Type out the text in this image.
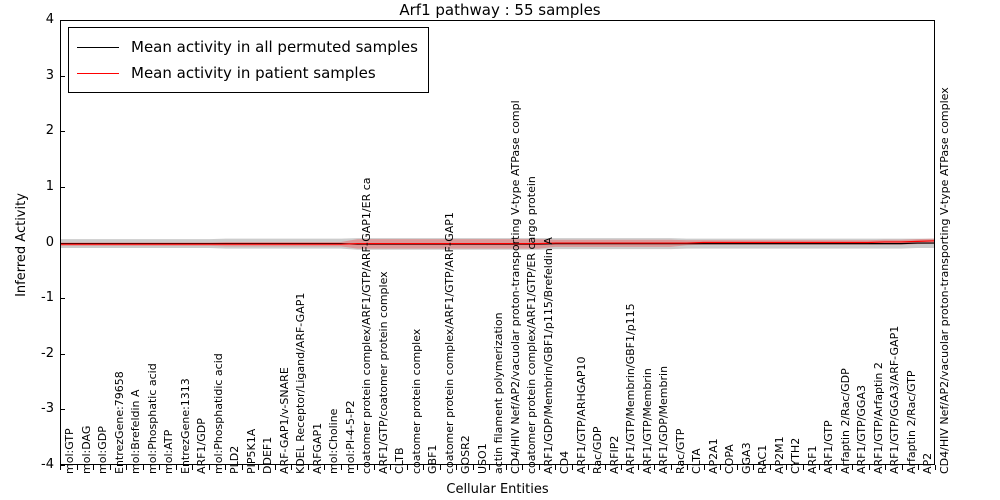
Arf1 pathway : 55 samples
Inferred Activity
-4
-3
-2
-1
0
1
2
3
4
mol:GTP mol:DAG mol:GDP EntrezGene:79658 mol:Brefeldin A mol:Phosphatic acid mol:ATP EntrezGene:1313 ARF1/GDP mol:Phosphatidic acid PLD2 PIP5K1A DDEF1 ARF-GAP1/v-SNARE KDEL Receptor/Ligand/ARF-GAP1 ARFGAP1 mol:Choline mol:PI-4-5-P2 coatomer protein complex/ARF1/GTP/ARF-GAP1/ER ca ARF1/GTP/coatomer protein complex CLTB coatomer protein complex GBF1 coatomer protein complex/ARF1/GTP/ARF-GAP1 GOSR2 USO1 actin filament polymerization CD4/HIV Nef/AP2/vacuolar proton-transporting V-type ATPase compl coatomer protein complex/ARF1/GTP/ER cargo protein ARF1/GDP/Membrin/GBF1/p115/Brefeldin A CD4 ARF1/GTP/ARHGAP10 Rac/GDP ARFIP2 ARF1/GTP/Membrin/GBF1/p115 ARF1/GTP/Membrin ARF1/GDP/Membrin Rac/GTP CLTA AP2A1 COPA GGA3 RAC1 AP2M1 CYTH2 ARF1 ARF1/GTP Arfaptin 2/Rac/GDP ARF1/GTP/GGA3 ARF1/GTP/Arfaptin 2 ARF1/GTP/GGA3/ARF-GAP1 Arfaptin 2/Rac/GTP AP2 CD4/HIV Nef/AP2/vacuolar proton-transporting V-type ATPase complex
Cellular Entities
Mean activity in all permuted samples
Mean activity in patient samples
